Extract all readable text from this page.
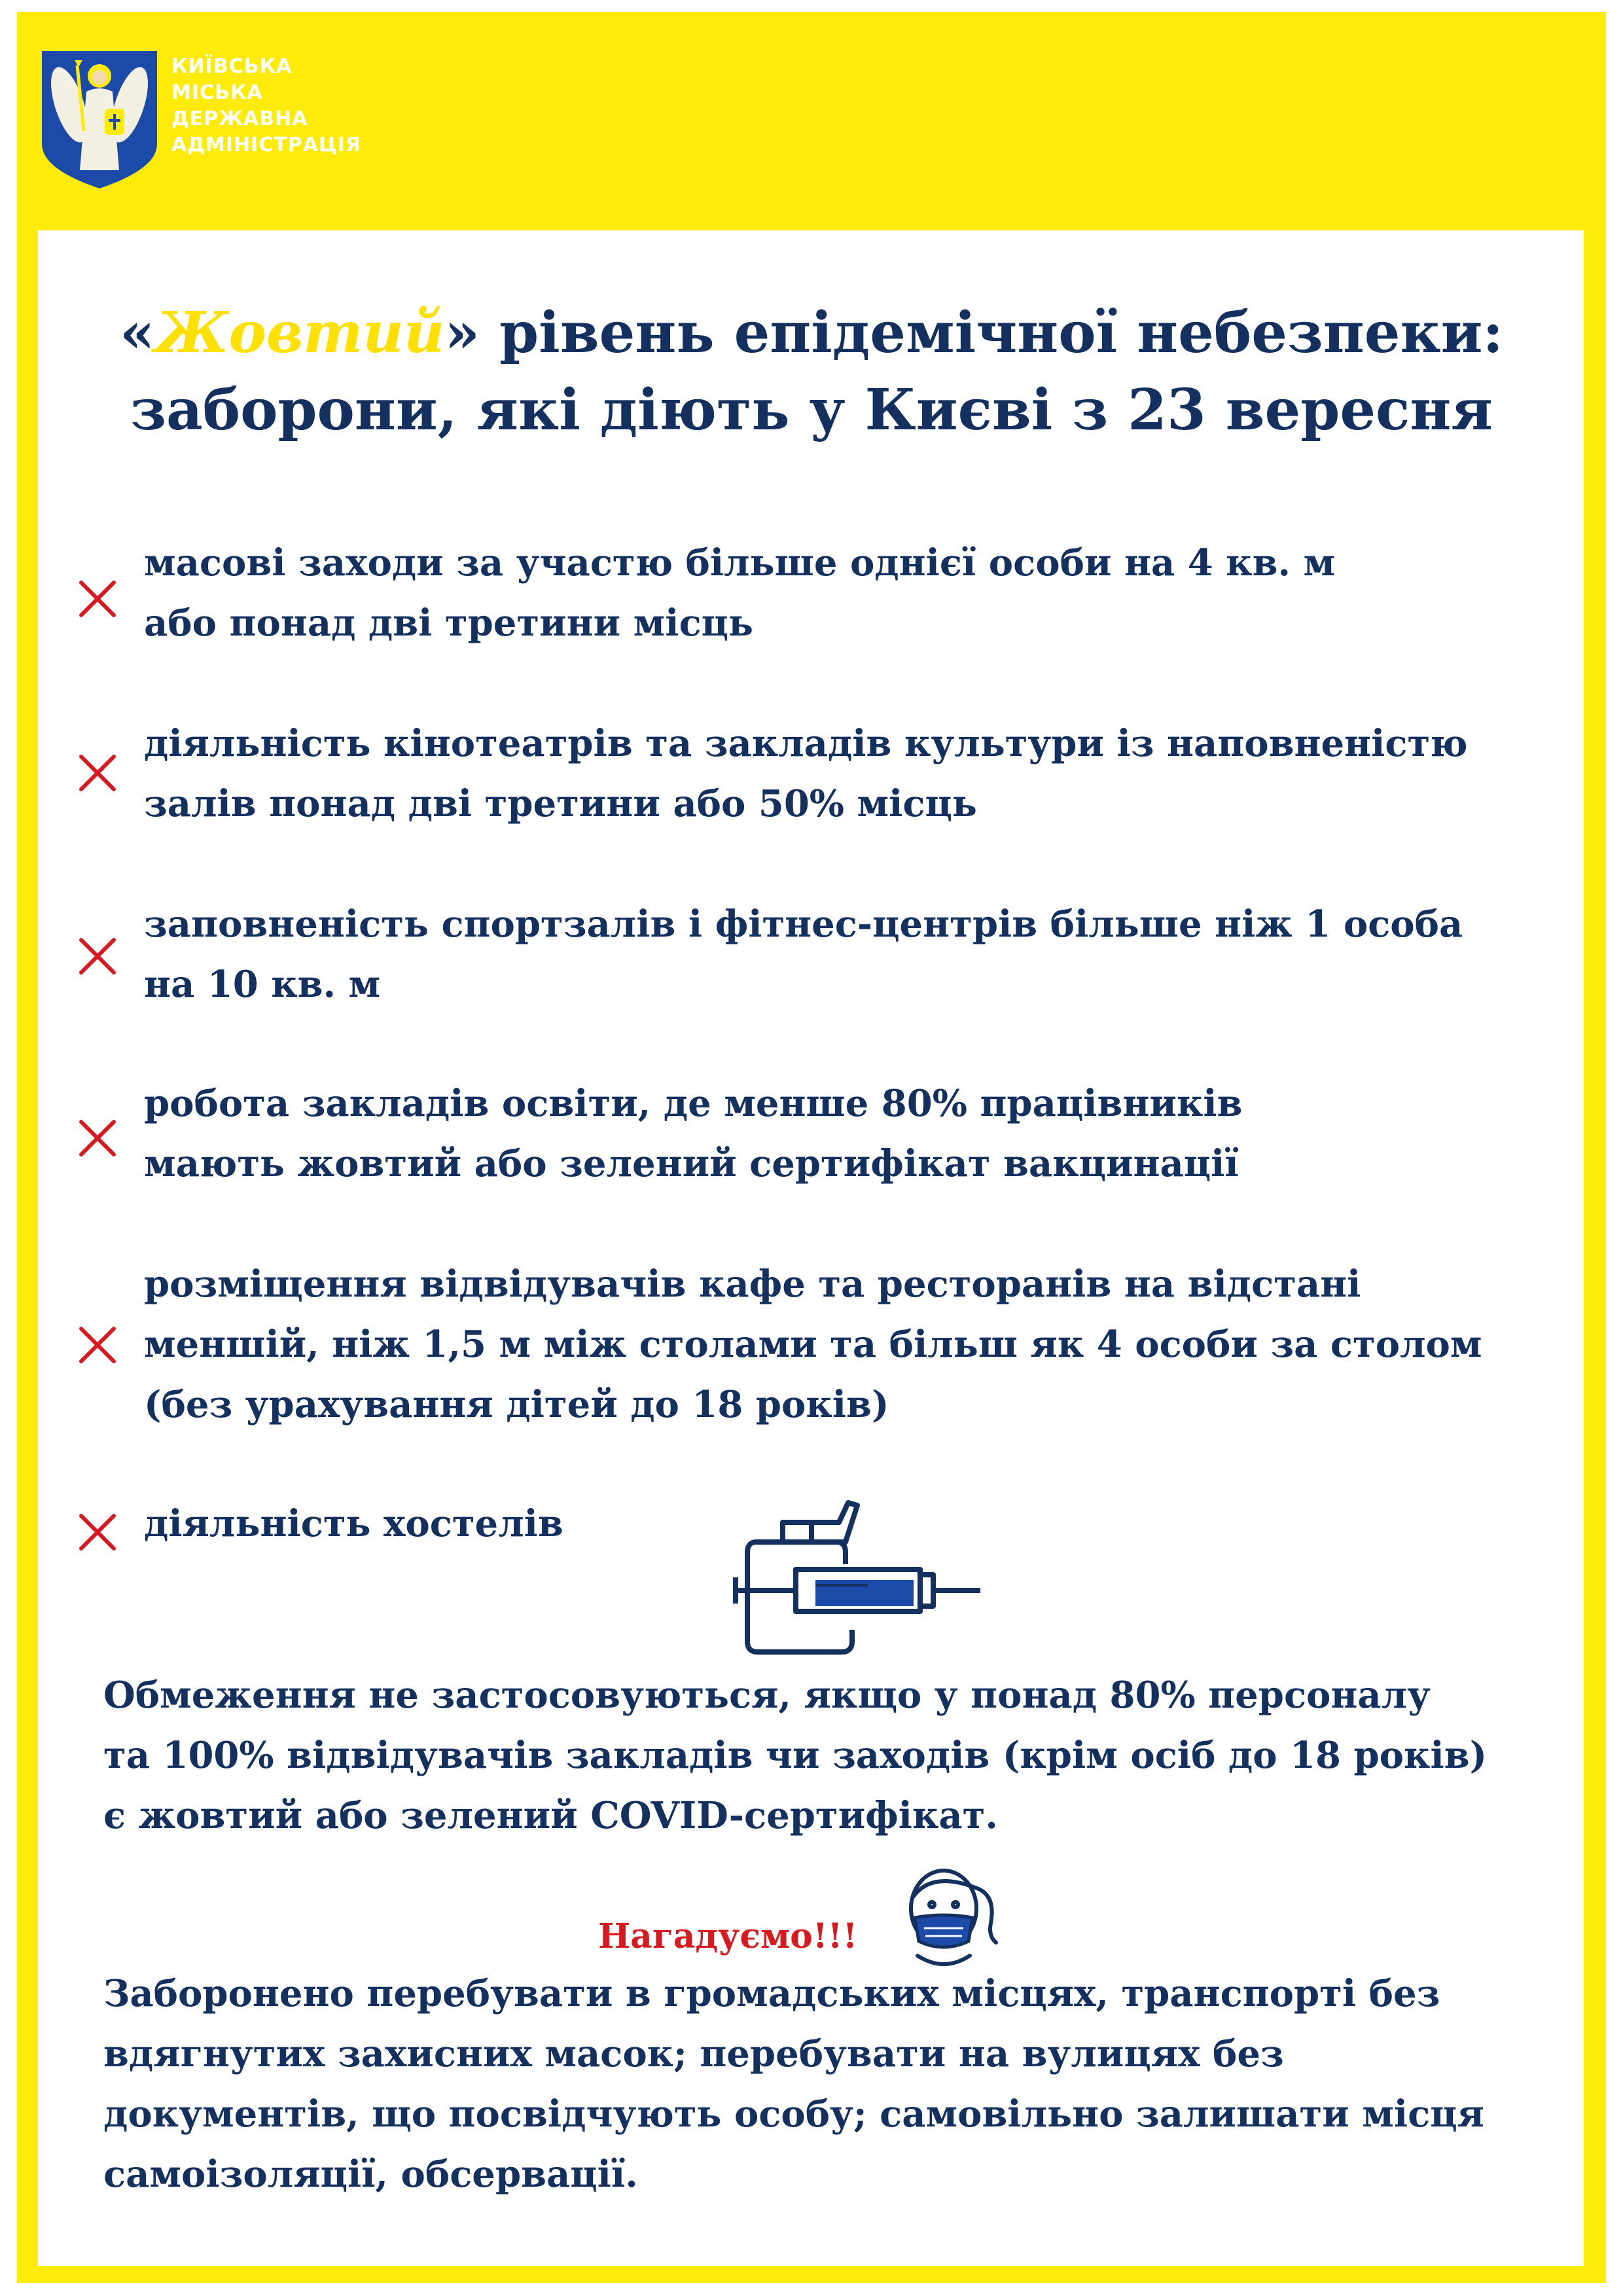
КИЇВСЬКА
МІСЬКА
ДЕРЖАВНА
АДМІНІСТРАЦІЯ
«Жовтий» рівень епідемічної небезпеки:
заборони, які діють у Києві з 23 вересня
масові заходи за участю більше однієї особи на 4 кв. м
або понад дві третини місць
діяльність кінотеатрів та закладів культури із наповненістю
залів понад дві третини або 50% місць
заповненість спортзалів і фітнес-центрів більше ніж 1 особа
на 10 кв. м
робота закладів освіти, де менше 80% працівників
мають жовтий або зелений сертифікат вакцинації
розміщення відвідувачів кафе та ресторанів на відстані
меншій, ніж 1,5 м між столами та більш як 4 особи за столом
(без урахування дітей до 18 років)
діяльність хостелів
Обмеження не застосовуються, якщо у понад 80% персоналу
та 100% відвідувачів закладів чи заходів (крім осіб до 18 років)
є жовтий або зелений COVID-сертифікат.
Нагадуємо!!!
Заборонено перебувати в громадських місцях, транспорті без
вдягнутих захисних масок; перебувати на вулицях без
документів, що посвідчують особу; самовільно залишати місця
самоізоляції, обсервації.
